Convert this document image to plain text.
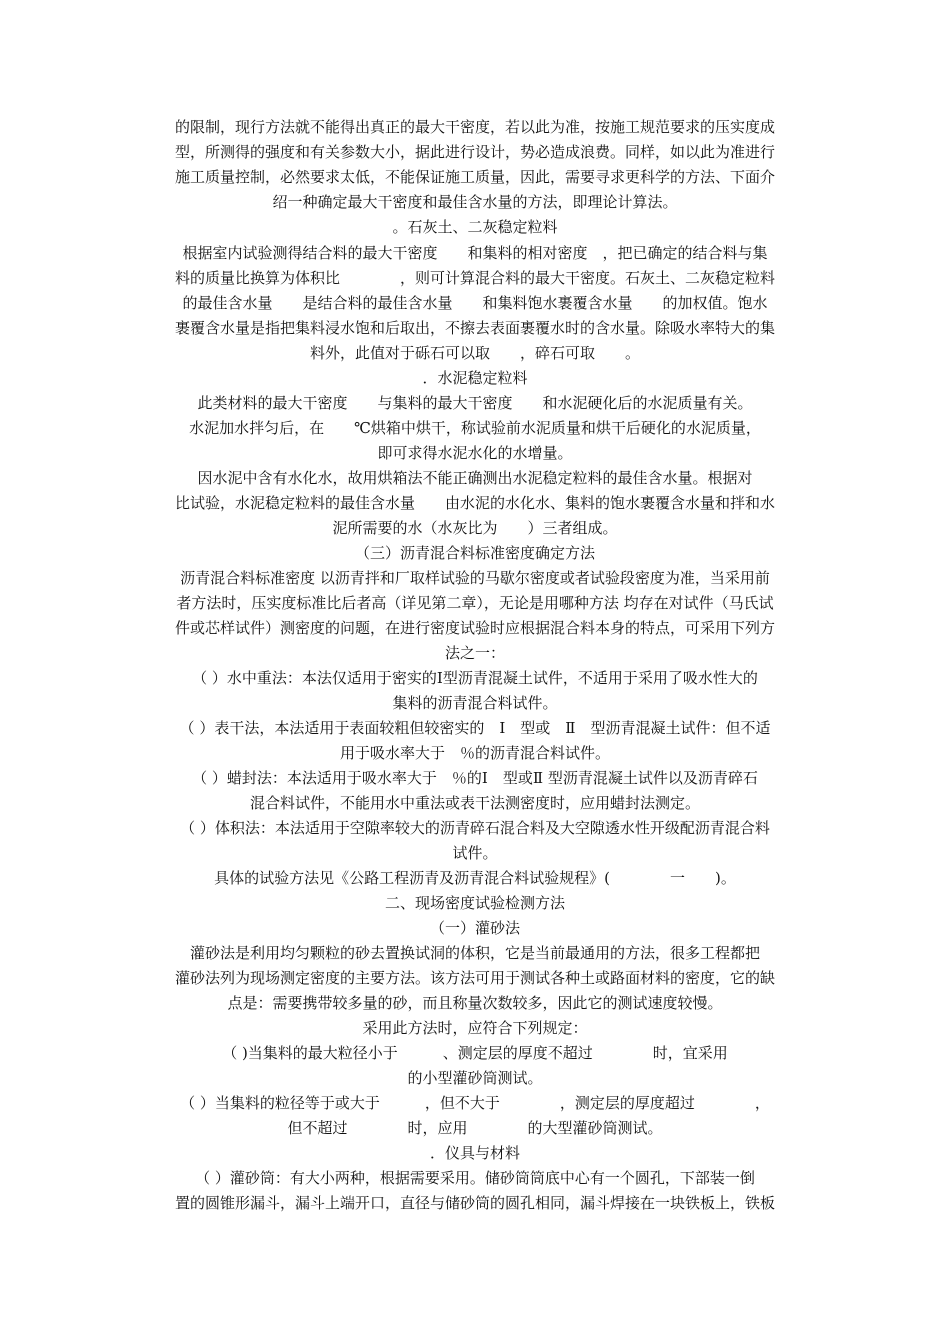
的限制，现行方法就不能得出真正的最大干密度，若以此为准，按施工规范要求的压实度成
型，所测得的强度和有关参数大小，据此进行设计，势必造成浪费。同样，如以此为准进行
施工质量控制，必然要求太低，不能保证施工质量，因此，需要寻求更科学的方法、下面介
绍一种确定最大干密度和最佳含水量的方法，即理论计算法。
。石灰土、二灰稳定粒料
根据室内试验测得结合料的最大干密度　　和集料的相对密度　，把已确定的结合料与集
料的质量比换算为体积比　　　　，则可计算混合料的最大干密度。石灰土、二灰稳定粒料
的最佳含水量　　是结合料的最佳含水量　　和集料饱水裹覆含水量　　的加权值。饱水
裹覆含水量是指把集料浸水饱和后取出，不擦去表面裹覆水时的含水量。除吸水率特大的集
料外，此值对于砾石可以取　　，碎石可取　　。
．水泥稳定粒料
此类材料的最大干密度　　与集料的最大干密度　　和水泥硬化后的水泥质量有关。
水泥加水拌匀后，在　　℃烘箱中烘干，称试验前水泥质量和烘干后硬化的水泥质量，
即可求得水泥水化的水增量。
因水泥中含有水化水，故用烘箱法不能正确测出水泥稳定粒料的最佳含水量。根据对
比试验，水泥稳定粒料的最佳含水量　　由水泥的水化水、集料的饱水裹覆含水量和拌和水
泥所需要的水（水灰比为　　）三者组成。
（三）沥青混合料标准密度确定方法
沥青混合料标准密度 以沥青拌和厂取样试验的马歇尔密度或者试验段密度为准，当采用前
者方法时，压实度标准比后者高（详见第二章），无论是用哪种方法 均存在对试件（马氏试
件或芯样试件）测密度的问题，在进行密度试验时应根据混合料本身的特点，可采用下列方
法之一：
（ ）水中重法：本法仅适用于密实的Ⅰ型沥青混凝土试件，不适用于采用了吸水性大的
集料的沥青混合料试件。
（ ）表干法，本法适用于表面较粗但较密实的　Ⅰ　型或　Ⅱ　型沥青混凝土试件：但不适
用于吸水率大于　％的沥青混合料试件。
（ ）蜡封法：本法适用于吸水率大于　％的Ⅰ　型或Ⅱ 型沥青混凝土试件以及沥青碎石
混合料试件，不能用水中重法或表干法测密度时，应用蜡封法测定。
（ ）体积法：本法适用于空隙率较大的沥青碎石混合料及大空隙透水性开级配沥青混合料
试件。
具体的试验方法见《公路工程沥青及沥青混合料试验规程》(　　　　一　　)。
二、现场密度试验检测方法
（一）灌砂法
灌砂法是利用均匀颗粒的砂去置换试洞的体积，它是当前最通用的方法，很多工程都把
灌砂法列为现场测定密度的主要方法。该方法可用于测试各种土或路面材料的密度，它的缺
点是：需要携带较多量的砂，而且称量次数较多，因此它的测试速度较慢。
采用此方法时，应符合下列规定：
（ )当集料的最大粒径小于　　　、测定层的厚度不超过　　　　时，宜采用
的小型灌砂筒测试。
（ ）当集料的粒径等于或大于　　　，但不大于　　　　，测定层的厚度超过　　　　，
但不超过　　　　时，应用　　　　的大型灌砂筒测试。
．仪具与材料
（ ）灌砂筒：有大小两种，根据需要采用。储砂筒筒底中心有一个圆孔，下部装一倒
置的圆锥形漏斗，漏斗上端开口，直径与储砂筒的圆孔相同，漏斗焊接在一块铁板上，铁板
